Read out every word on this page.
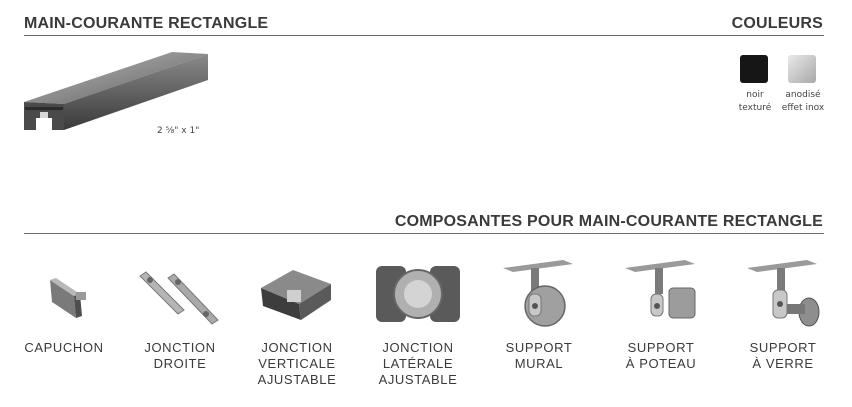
MAIN-COURANTE RECTANGLE	COULEURS
2 ⅝" x 1"
noir
texturé
anodisé
effet inox
COMPOSANTES POUR MAIN-COURANTE RECTANGLE
CAPUCHON	JONCTION
DROITE
JONCTION
VERTICALE
AJUSTABLE
JONCTION
LATÉRALE
AJUSTABLE
SUPPORT
MURAL
SUPPORT
À POTEAU
SUPPORT
À VERRE
